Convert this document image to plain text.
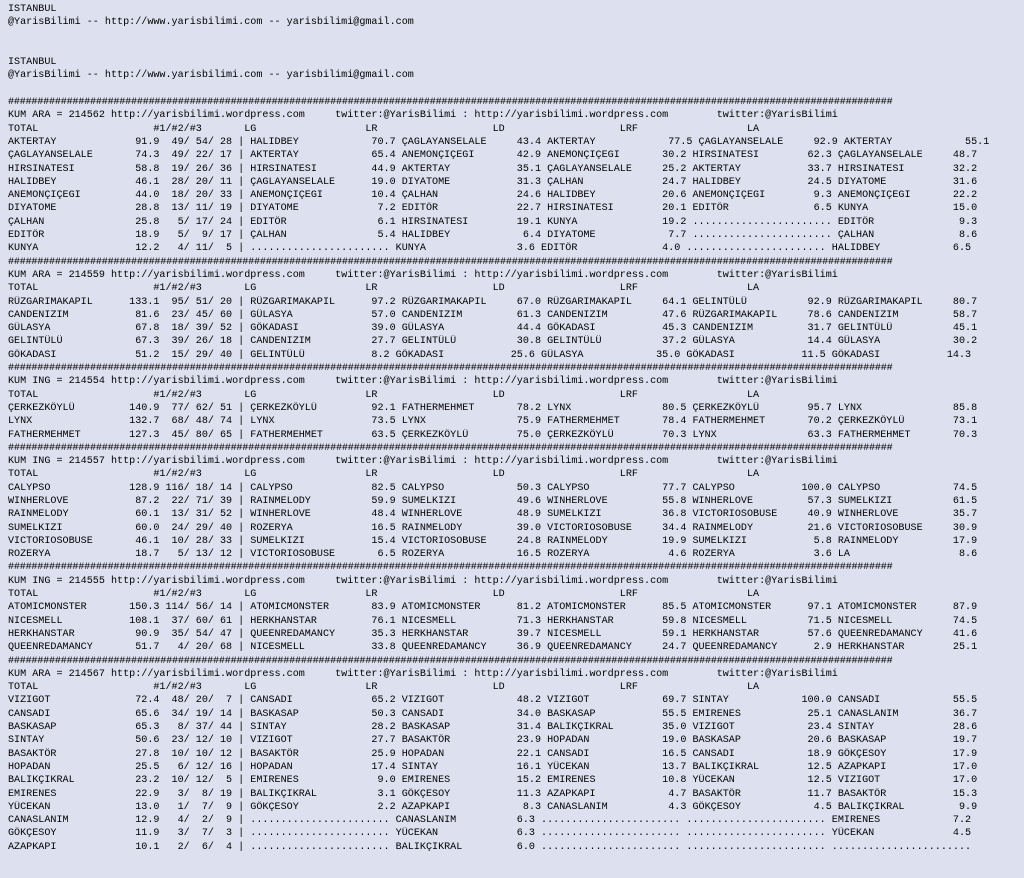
ISTANBUL
@YarisBilimi -- http://www.yarisbilimi.com -- yarisbilimi@gmail.com
ISTANBUL
@YarisBilimi -- http://www.yarisbilimi.com -- yarisbilimi@gmail.com
#######################################################################################################################################################
KUM ARA = 214562 http://yarisbilimi.wordpress.com     twitter:@YarisBilimi : http://yarisbilimi.wordpress.com        twitter:@YarisBilimi
TOTAL                   #1/#2/#3       LG                  LR                   LD                   LRF                  LA
AKTERTAY             91.9  49/ 54/ 28 | HALIDBEY            70.7 ÇAGLAYANSELALE     43.4 AKTERTAY            77.5 ÇAGLAYANSELALE     92.9 AKTERTAY            55.1
ÇAGLAYANSELALE       74.3  49/ 22/ 17 | AKTERTAY            65.4 ANEMONÇIÇEGI       42.9 ANEMONÇIÇEGI       30.2 HIRSINATESI        62.3 ÇAGLAYANSELALE     48.7
HIRSINATESI          58.8  19/ 26/ 36 | HIRSINATESI         44.9 AKTERTAY           35.1 ÇAGLAYANSELALE     25.2 AKTERTAY           33.7 HIRSINATESI        32.2
HALIDBEY             46.1  28/ 20/ 11 | ÇAGLAYANSELALE      19.0 DIYATOME           31.3 ÇALHAN             24.7 HALIDBEY           24.5 DIYATOME           31.6
ANEMONÇIÇEGI         44.0  18/ 20/ 33 | ANEMONÇIÇEGI        10.4 ÇALHAN             24.6 HALIDBEY           20.6 ANEMONÇIÇEGI        9.3 ANEMONÇIÇEGI       22.2
DIYATOME             28.8  13/ 11/ 19 | DIYATOME             7.2 EDITÖR             22.7 HIRSINATESI        20.1 EDITÖR              6.5 KUNYA              15.0
ÇALHAN               25.8   5/ 17/ 24 | EDITÖR               6.1 HIRSINATESI        19.1 KUNYA              19.2 ....................... EDITÖR              9.3
EDITÖR               18.9   5/  9/ 17 | ÇALHAN               5.4 HALIDBEY            6.4 DIYATOME            7.7 ....................... ÇALHAN              8.6
KUNYA                12.2   4/ 11/  5 | ....................... KUNYA               3.6 EDITÖR              4.0 ....................... HALIDBEY            6.5
#######################################################################################################################################################
KUM ARA = 214559 http://yarisbilimi.wordpress.com     twitter:@YarisBilimi : http://yarisbilimi.wordpress.com        twitter:@YarisBilimi
TOTAL                   #1/#2/#3       LG                  LR                   LD                   LRF                  LA
RÜZGARIMAKAPIL      133.1  95/ 51/ 20 | RÜZGARIMAKAPIL      97.2 RÜZGARIMAKAPIL     67.0 RÜZGARIMAKAPIL     64.1 GELINTÜLÜ          92.9 RÜZGARIMAKAPIL     80.7
CANDENIZIM           81.6  23/ 45/ 60 | GÜLASYA             57.0 CANDENIZIM         61.3 CANDENIZIM         47.6 RÜZGARIMAKAPIL     78.6 CANDENIZIM         58.7
GÜLASYA              67.8  18/ 39/ 52 | GÖKADASI            39.0 GÜLASYA            44.4 GÖKADASI           45.3 CANDENIZIM         31.7 GELINTÜLÜ          45.1
GELINTÜLÜ            67.3  39/ 26/ 18 | CANDENIZIM          27.7 GELINTÜLÜ          30.8 GELINTÜLÜ          37.2 GÜLASYA            14.4 GÜLASYA            30.2
GÖKADASI             51.2  15/ 29/ 40 | GELINTÜLÜ           8.2 GÖKADASI           25.6 GÜLASYA            35.0 GÖKADASI           11.5 GÖKADASI           14.3
#######################################################################################################################################################
KUM ING = 214554 http://yarisbilimi.wordpress.com     twitter:@YarisBilimi : http://yarisbilimi.wordpress.com        twitter:@YarisBilimi
TOTAL                   #1/#2/#3       LG                  LR                   LD                   LRF                  LA
ÇERKEZKÖYLÜ         140.9  77/ 62/ 51 | ÇERKEZKÖYLÜ         92.1 FATHERMEHMET       78.2 LYNX               80.5 ÇERKEZKÖYLÜ        95.7 LYNX               85.8
LYNX                132.7  68/ 48/ 74 | LYNX                73.5 LYNX               75.9 FATHERMEHMET       78.4 FATHERMEHMET       70.2 ÇERKEZKÖYLÜ        73.1
FATHERMEHMET        127.3  45/ 80/ 65 | FATHERMEHMET        63.5 ÇERKEZKÖYLÜ        75.0 ÇERKEZKÖYLÜ        70.3 LYNX               63.3 FATHERMEHMET       70.3
#######################################################################################################################################################
KUM ING = 214557 http://yarisbilimi.wordpress.com     twitter:@YarisBilimi : http://yarisbilimi.wordpress.com        twitter:@YarisBilimi
TOTAL                   #1/#2/#3       LG                  LR                   LD                   LRF                  LA
CALYPSO             128.9 116/ 18/ 14 | CALYPSO             82.5 CALYPSO            50.3 CALYPSO            77.7 CALYPSO           100.0 CALYPSO            74.5
WINHERLOVE           87.2  22/ 71/ 39 | RAINMELODY          59.9 SUMELKIZI          49.6 WINHERLOVE         55.8 WINHERLOVE         57.3 SUMELKIZI          61.5
RAINMELODY           60.1  13/ 31/ 52 | WINHERLOVE          48.4 WINHERLOVE         48.9 SUMELKIZI          36.8 VICTORIOSOBUSE     40.9 WINHERLOVE         35.7
SUMELKIZI            60.0  24/ 29/ 40 | ROZERYA             16.5 RAINMELODY         39.0 VICTORIOSOBUSE     34.4 RAINMELODY         21.6 VICTORIOSOBUSE     30.9
VICTORIOSOBUSE       46.1  10/ 28/ 33 | SUMELKIZI           15.4 VICTORIOSOBUSE     24.8 RAINMELODY         19.9 SUMELKIZI           5.8 RAINMELODY         17.9
ROZERYA              18.7   5/ 13/ 12 | VICTORIOSOBUSE       6.5 ROZERYA            16.5 ROZERYA             4.6 ROZERYA             3.6 LA                  8.6
#######################################################################################################################################################
KUM ING = 214555 http://yarisbilimi.wordpress.com     twitter:@YarisBilimi : http://yarisbilimi.wordpress.com        twitter:@YarisBilimi
TOTAL                   #1/#2/#3       LG                  LR                   LD                   LRF                  LA
ATOMICMONSTER       150.3 114/ 56/ 14 | ATOMICMONSTER       83.9 ATOMICMONSTER      81.2 ATOMICMONSTER      85.5 ATOMICMONSTER      97.1 ATOMICMONSTER      87.9
NICESMELL           108.1  37/ 60/ 61 | HERKHANSTAR         76.1 NICESMELL          71.3 HERKHANSTAR        59.8 NICESMELL          71.5 NICESMELL          74.5
HERKHANSTAR          90.9  35/ 54/ 47 | QUEENREDAMANCY      35.3 HERKHANSTAR        39.7 NICESMELL          59.1 HERKHANSTAR        57.6 QUEENREDAMANCY     41.6
QUEENREDAMANCY       51.7   4/ 20/ 68 | NICESMELL           33.8 QUEENREDAMANCY     36.9 QUEENREDAMANCY     24.7 QUEENREDAMANCY      2.9 HERKHANSTAR        25.1
#######################################################################################################################################################
KUM ARA = 214567 http://yarisbilimi.wordpress.com     twitter:@YarisBilimi : http://yarisbilimi.wordpress.com        twitter:@YarisBilimi
TOTAL                   #1/#2/#3       LG                  LR                   LD                   LRF                  LA
VIZIGOT              72.4  48/ 20/  7 | CANSADI             65.2 VIZIGOT            48.2 VIZIGOT            69.7 SINTAY            100.0 CANSADI            55.5
CANSADI              65.6  34/ 19/ 14 | BASKASAP            50.3 CANSADI            34.0 BASKASAP           55.5 EMIRENES           25.1 CANASLANIM         36.7
BASKASAP             65.3   8/ 37/ 44 | SINTAY              28.2 BASKASAP           31.4 BALIKÇIKRAL        35.0 VIZIGOT            23.4 SINTAY             28.6
SINTAY               50.6  23/ 12/ 10 | VIZIGOT             27.7 BASAKTÖR           23.9 HOPADAN            19.0 BASKASAP           20.6 BASKASAP           19.7
BASAKTÖR             27.8  10/ 10/ 12 | BASAKTÖR            25.9 HOPADAN            22.1 CANSADI            16.5 CANSADI            18.9 GÖKÇESOY           17.9
HOPADAN              25.5   6/ 12/ 16 | HOPADAN             17.4 SINTAY             16.1 YÜCEKAN            13.7 BALIKÇIKRAL        12.5 AZAPKAPI           17.0
BALIKÇIKRAL          23.2  10/ 12/  5 | EMIRENES             9.0 EMIRENES           15.2 EMIRENES           10.8 YÜCEKAN            12.5 VIZIGOT            17.0
EMIRENES             22.9   3/  8/ 19 | BALIKÇIKRAL          3.1 GÖKÇESOY           11.3 AZAPKAPI            4.7 BASAKTÖR           11.7 BASAKTÖR           15.3
YÜCEKAN              13.0   1/  7/  9 | GÖKÇESOY             2.2 AZAPKAPI            8.3 CANASLANIM          4.3 GÖKÇESOY            4.5 BALIKÇIKRAL         9.9
CANASLANIM           12.9   4/  2/  9 | ....................... CANASLANIM          6.3 ....................... ....................... EMIRENES            7.2
GÖKÇESOY             11.9   3/  7/  3 | ....................... YÜCEKAN             6.3 ....................... ....................... YÜCEKAN             4.5
AZAPKAPI             10.1   2/  6/  4 | ....................... BALIKÇIKRAL         6.0 ....................... ....................... .......................
